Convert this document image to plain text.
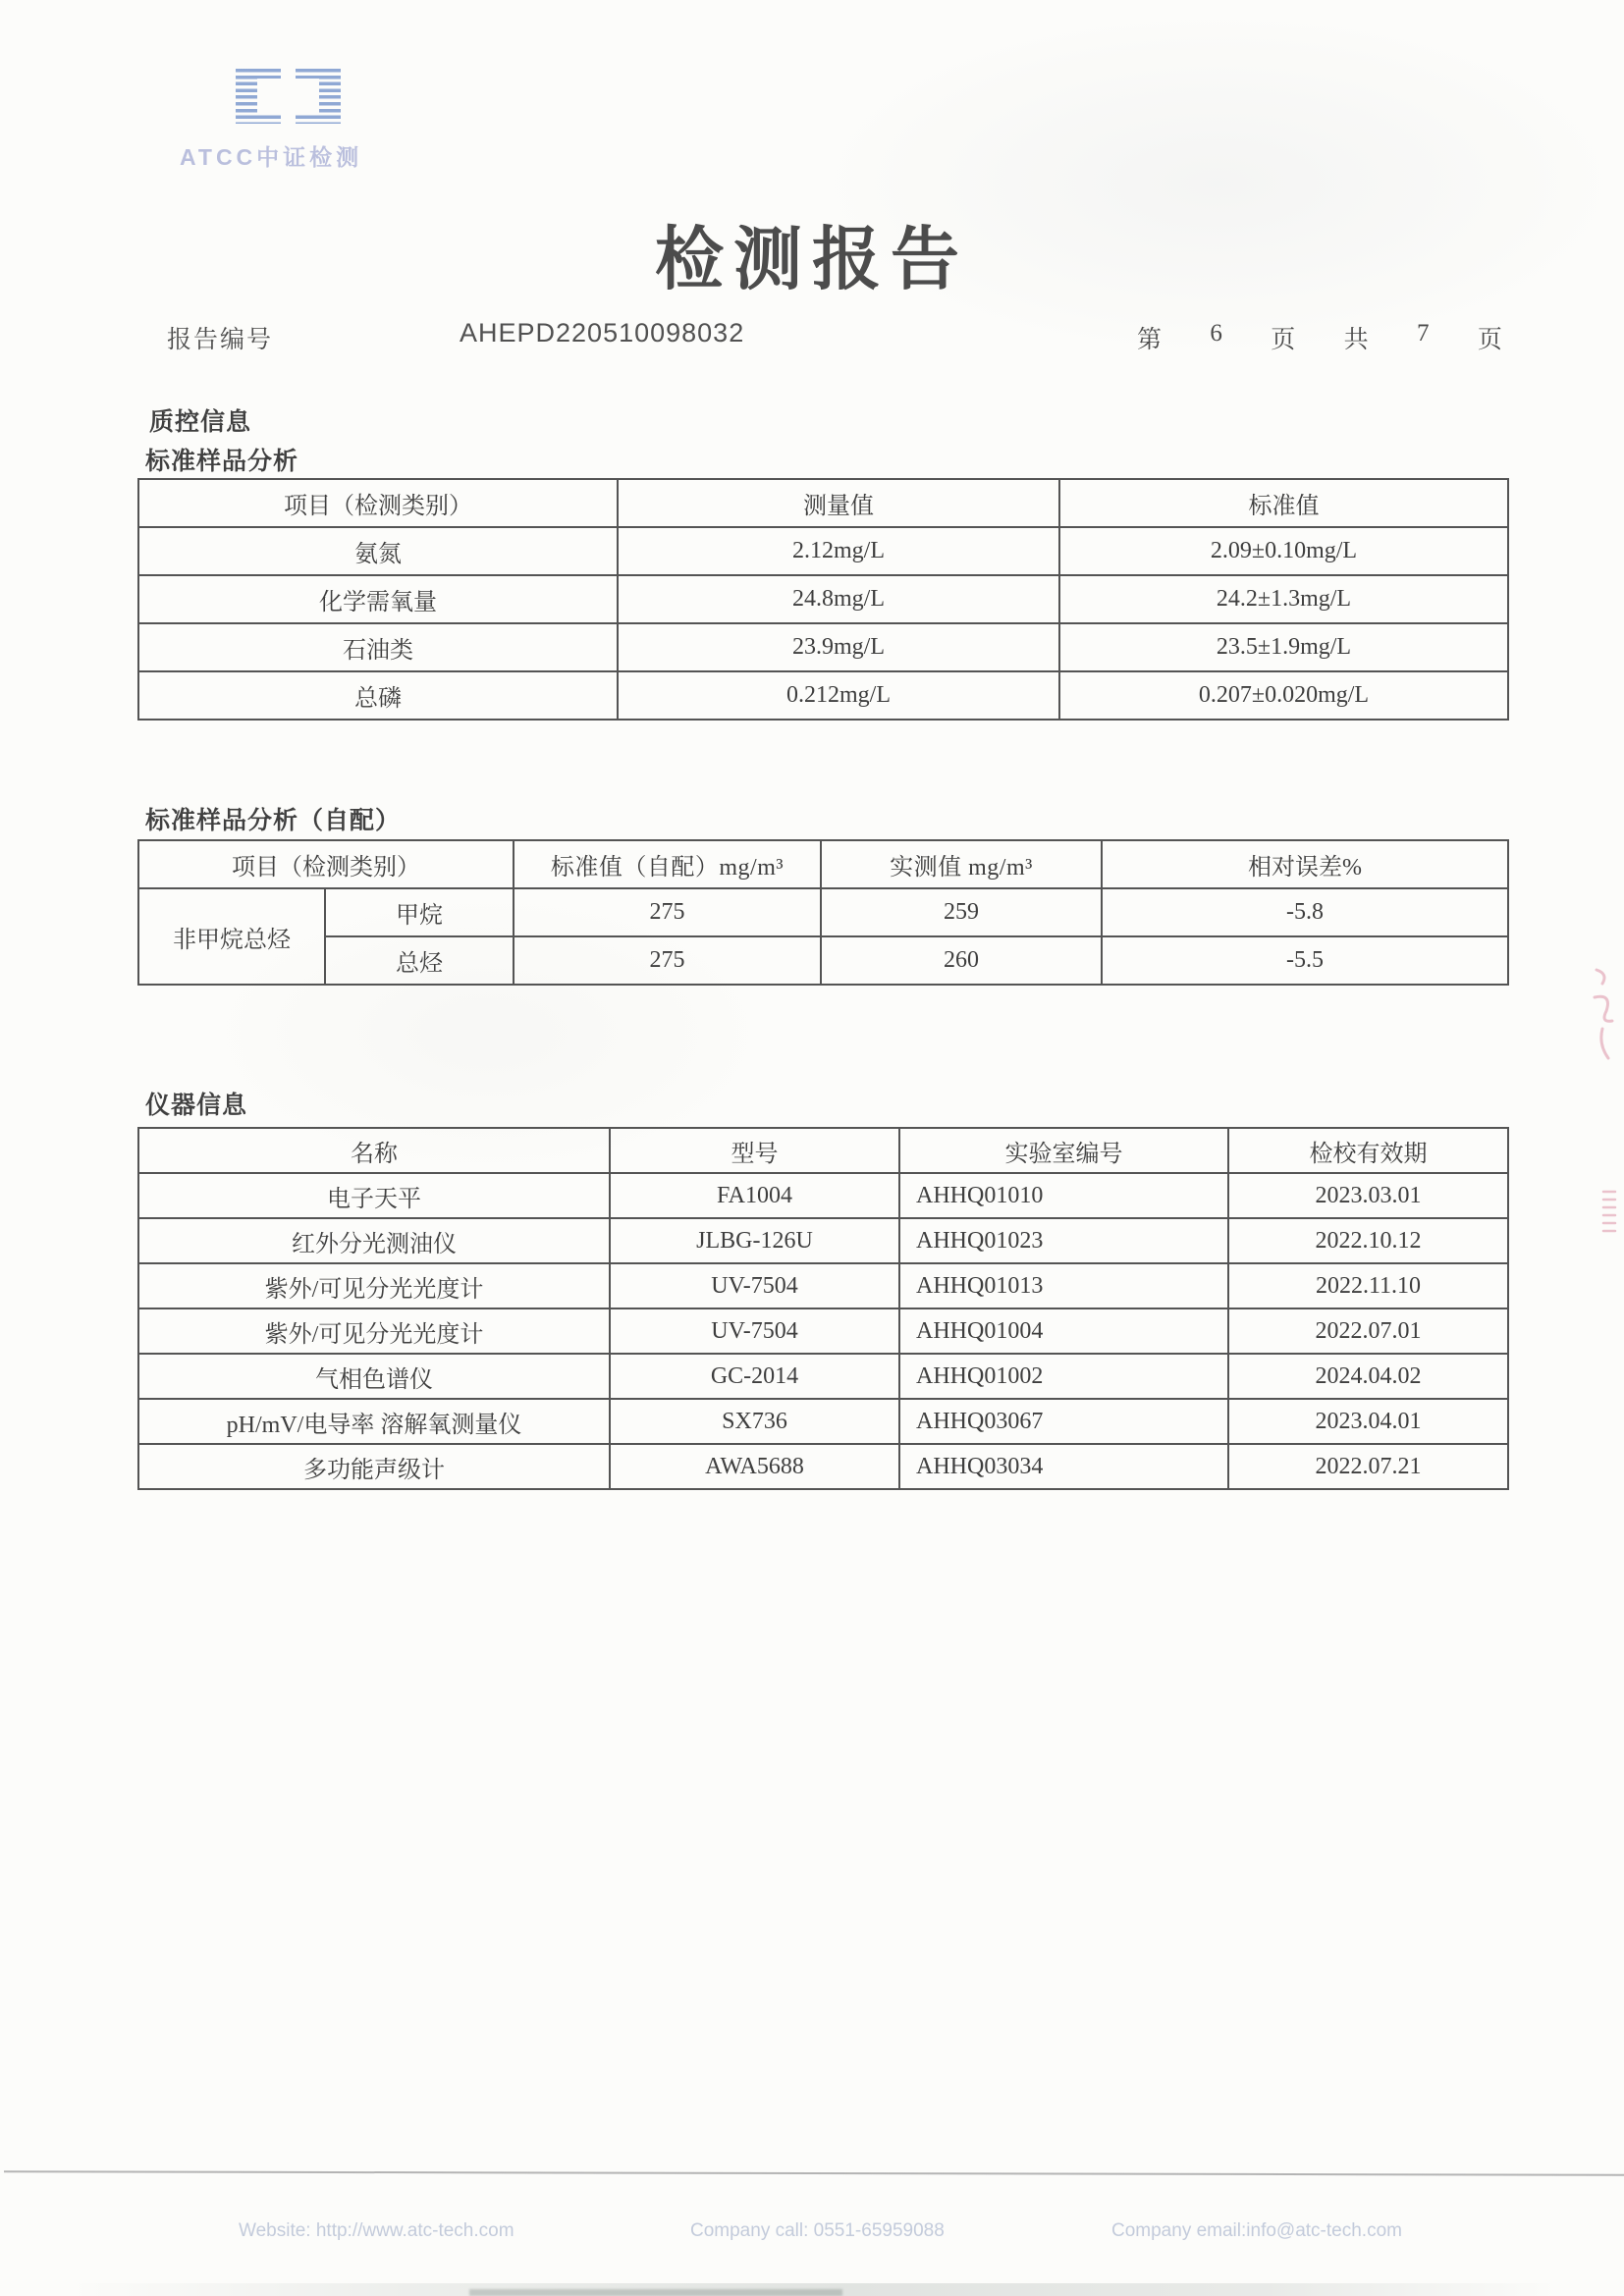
ATCC中证检测
检测报告
报告编号	AHEPD220510098032	第 6 页 共 7 页
质控信息
标准样品分析
项目（检测类别）	测量值	标准值
氨氮	2.12mg/L	2.09±0.10mg/L
化学需氧量	24.8mg/L	24.2±1.3mg/L
石油类	23.9mg/L	23.5±1.9mg/L
总磷	0.212mg/L	0.207±0.020mg/L
标准样品分析（自配）
项目（检测类别）		标准值（自配）mg/m³	实测值 mg/m³	相对误差%
非甲烷总烃	甲烷	275	259	-5.8
	总烃	275	260	-5.5
仪器信息
名称	型号	实验室编号	检校有效期
电子天平	FA1004	AHHQ01010	2023.03.01
红外分光测油仪	JLBG-126U	AHHQ01023	2022.10.12
紫外/可见分光光度计	UV-7504	AHHQ01013	2022.11.10
紫外/可见分光光度计	UV-7504	AHHQ01004	2022.07.01
气相色谱仪	GC-2014	AHHQ01002	2024.04.02
pH/mV/电导率 溶解氧测量仪	SX736	AHHQ03067	2023.04.01
多功能声级计	AWA5688	AHHQ03034	2022.07.21
Website: http://www.atc-tech.com	Company call: 0551-65959088	Company email:info@atc-tech.com
